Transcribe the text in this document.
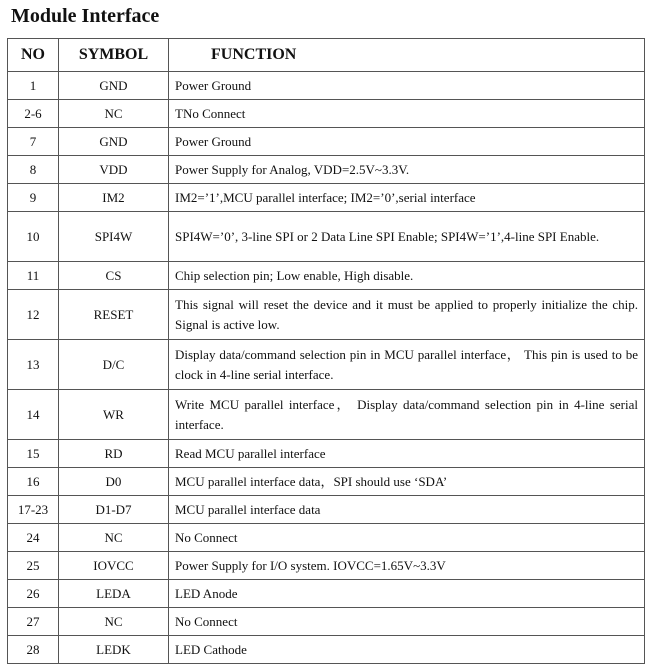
Module Interface
NO	SYMBOL	FUNCTION
1	GND	Power Ground
2-6	NC	TNo Connect
7	GND	Power Ground
8	VDD	Power Supply for Analog, VDD=2.5V~3.3V.
9	IM2	IM2=’1’,MCU parallel interface; IM2=’0’,serial interface
10	SPI4W	SPI4W=’0’, 3-line SPI or 2 Data Line SPI Enable; SPI4W=’1’,4-line SPI Enable.
11	CS	Chip selection pin; Low enable, High disable.
12	RESET	This signal will reset the device and it must be applied to properly initialize the chip. Signal is active low.
13	D/C	Display data/command selection pin in MCU parallel interface， This pin is used to be clock in 4-line serial interface.
14	WR	Write MCU parallel interface， Display data/command selection pin in 4-line serial interface.
15	RD	Read MCU parallel interface
16	D0	MCU parallel interface data，SPI should use ‘SDA’
17-23	D1-D7	MCU parallel interface data
24	NC	No Connect
25	IOVCC	Power Supply for I/O system. IOVCC=1.65V~3.3V
26	LEDA	LED Anode
27	NC	No Connect
28	LEDK	LED Cathode
